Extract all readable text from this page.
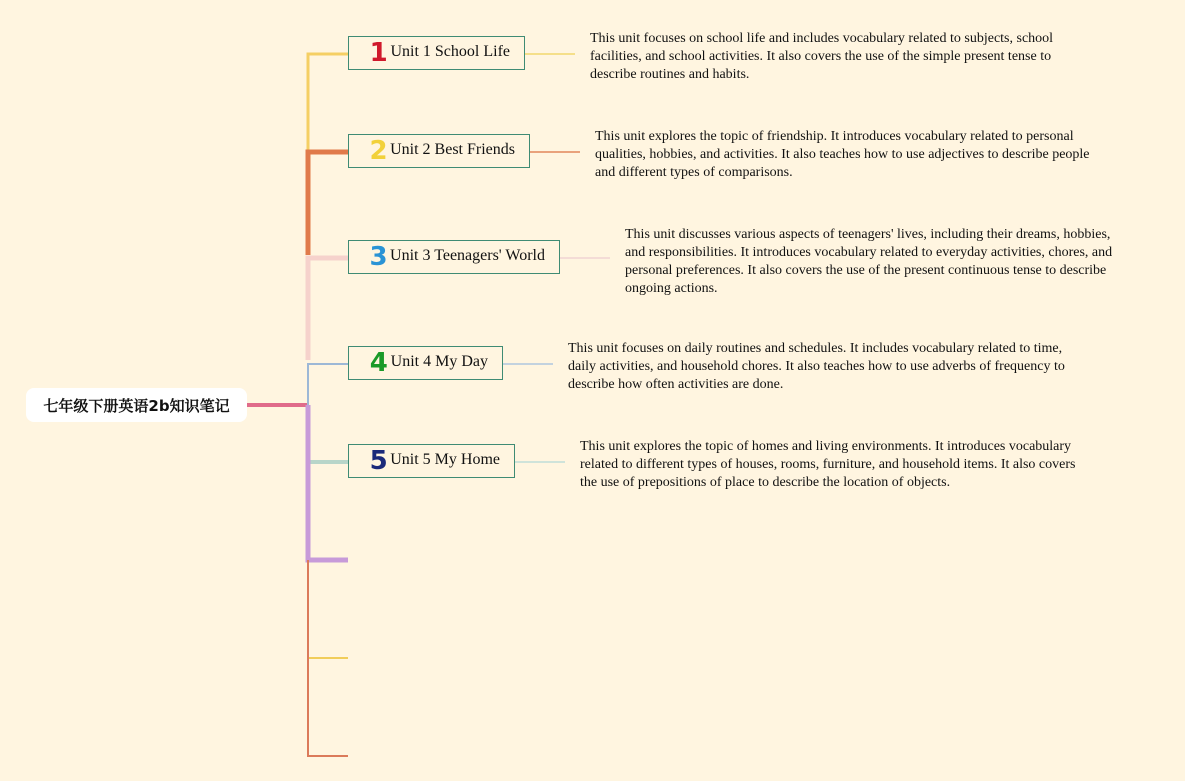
七年级下册英语2b知识笔记
1 Unit 1 School Life
This unit focuses on school life and includes vocabulary related to subjects, school facilities, and school activities. It also covers the use of the simple present tense to describe routines and habits.
2 Unit 2 Best Friends
This unit explores the topic of friendship. It introduces vocabulary related to personal qualities, hobbies, and activities. It also teaches how to use adjectives to describe people and different types of comparisons.
3 Unit 3 Teenagers' World
This unit discusses various aspects of teenagers' lives, including their dreams, hobbies, and responsibilities. It introduces vocabulary related to everyday activities, chores, and personal preferences. It also covers the use of the present continuous tense to describe ongoing actions.
4 Unit 4 My Day
This unit focuses on daily routines and schedules. It includes vocabulary related to time, daily activities, and household chores. It also teaches how to use adverbs of frequency to describe how often activities are done.
5 Unit 5 My Home
This unit explores the topic of homes and living environments. It introduces vocabulary related to different types of houses, rooms, furniture, and household items. It also covers the use of prepositions of place to describe the location of objects.
